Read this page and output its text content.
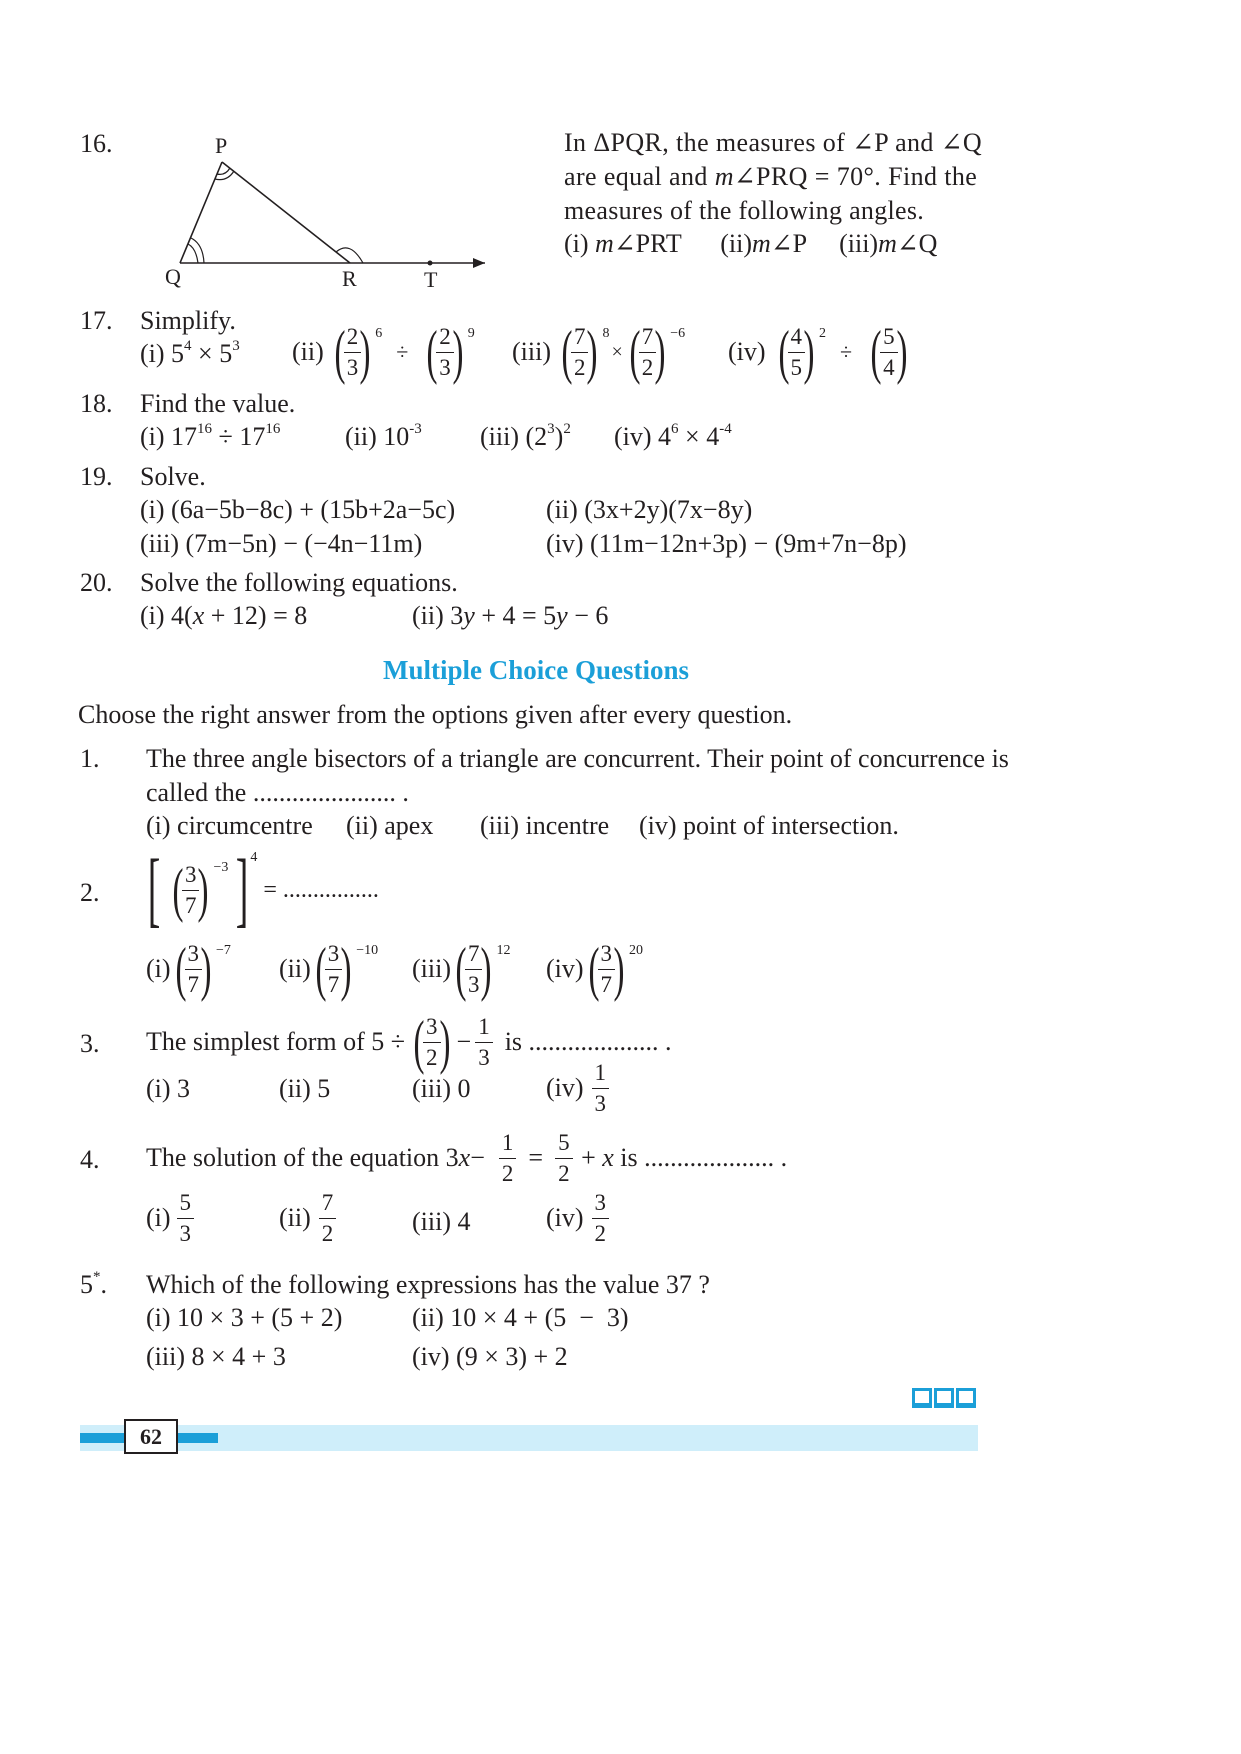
16.	P
Q	R	T
In ΔPQR, the measures of ∠P and ∠Q
are equal and m∠PRQ = 70°. Find the
measures of the following angles.
(i) m∠PRT (ii)m∠P (iii)m∠Q
17. Simplify.
(i) $5^4 \times 5^3$ (ii) (
$\frac{2}{3}$
) 6
÷ (
$\frac{2}{3}$
) 9
(iii) (
$\frac{7}{2}$
) 8
× (
$\frac{7}{2}$
) −6
(iv) (
$\frac{4}{5}$
) 2
÷ (
$\frac{5}{4}$
)
18. Find the value.
(i) $17^{16} \div 17^{16}$ (ii) $10^{-3}$ (iii) $(2^3)^2$ (iv) $4^6 \times 4^{-4}$
19. Solve.
(i) (6a−5b−8c) + (15b+2a−5c)	(ii) (3x+2y)(7x−8y)
(iii) (7m−5n) − (−4n−11m)	(iv) (11m−12n+3p) − (9m+7n−8p)
20. Solve the following equations.
(i) 4(x + 12) = 8	(ii) 3y + 4 = 5y − 6
Multiple Choice Questions
Choose the right answer from the options given after every question.
1. The three angle bisectors of a triangle are concurrent. Their point of concurrence is
called the ...................... .
(i) circumcentre (ii) apex (iii) incentre (iv) point of intersection.
2. [ (
$\frac{3}{7}$
) −3 ] 4
= ................
(i) (
$\frac{3}{7}$
) −7
(ii) (
$\frac{3}{7}$
) −10
(iii) (
$\frac{7}{3}$
) 12
(iv) (
$\frac{3}{7}$
) 20
3. The simplest form of 5 ÷ (
$\frac{3}{2}$
) − $\frac{1}{3}$ is .................... .
(i) 3	(ii) 5	(iii) 0	$(iv) \frac{1}{3}$
4. The solution of the equation 3 $x - \frac{1}{2} = \frac{5}{2} + x$ is .................... .
$(i) \frac{5}{3}$	$(ii) \frac{7}{2}$	(iii) 4	$(iv) \frac{3}{2}$
5*. Which of the following expressions has the value 37 ?
(i) 10 × 3 + (5 + 2)	(ii) 10 × 4 + (5  −  3)
(iii) 8 × 4 + 3	(iv) (9 × 3) + 2
62
